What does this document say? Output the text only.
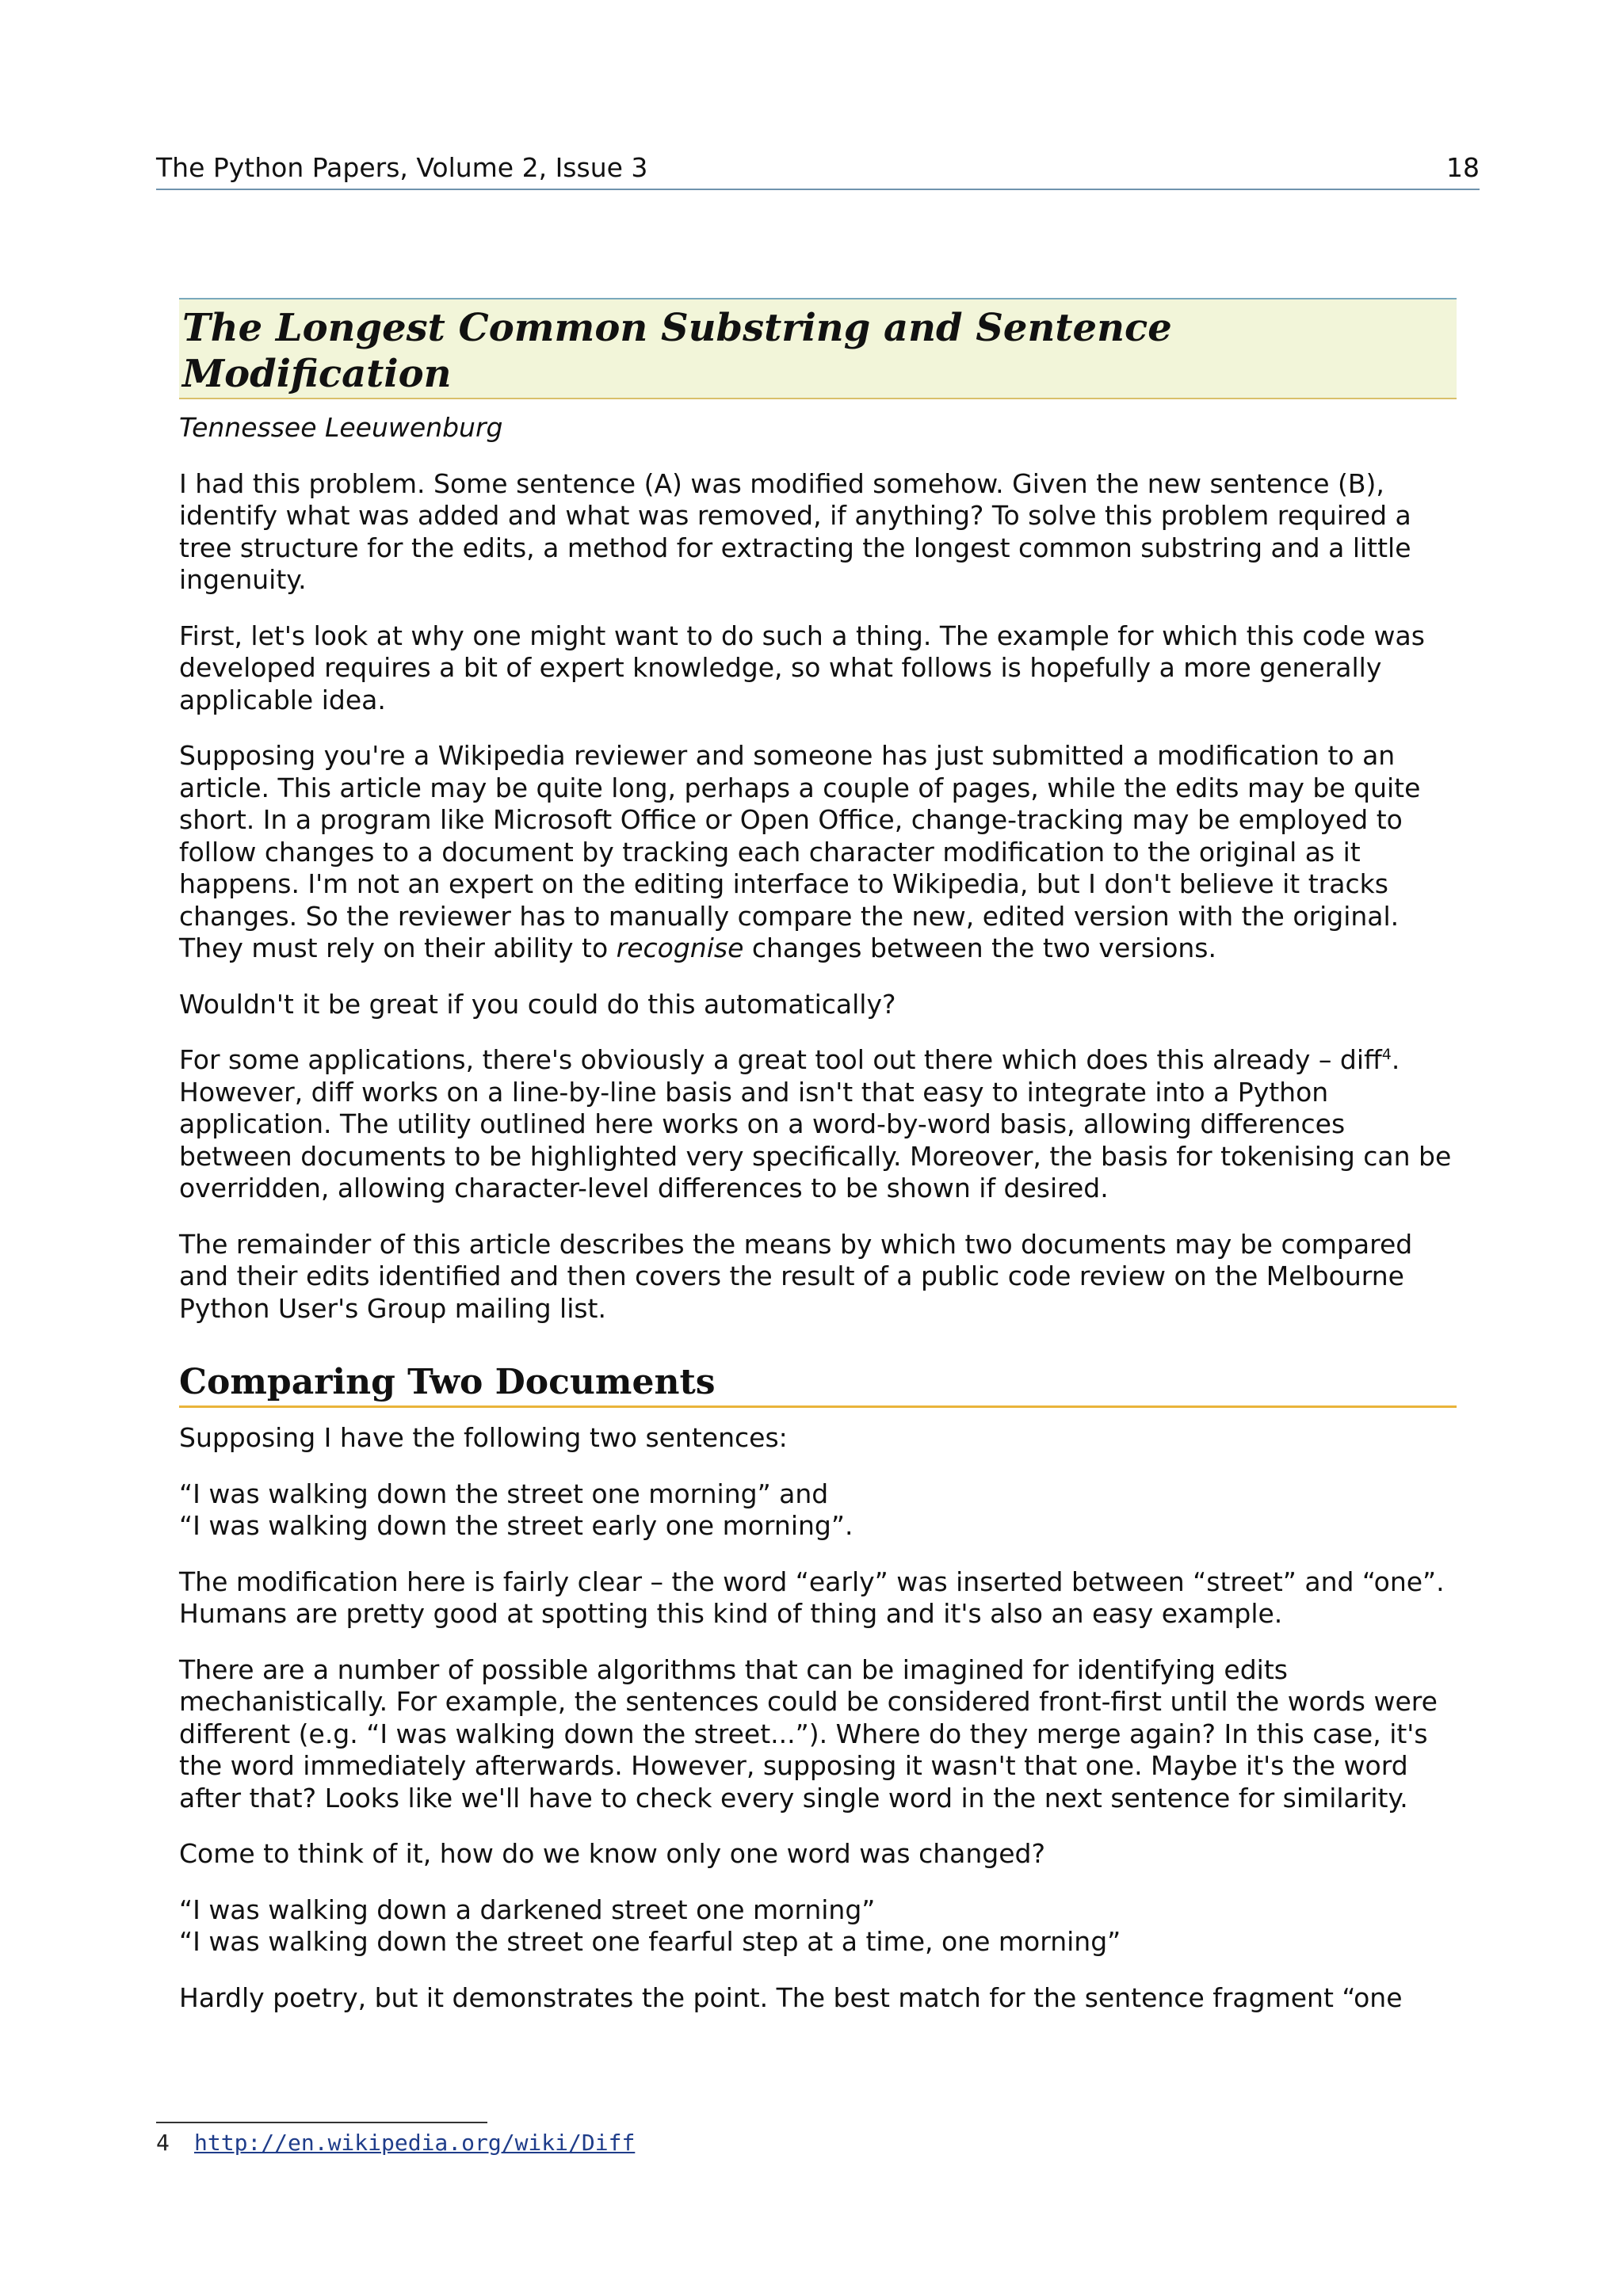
The Python Papers, Volume 2, Issue 3	18
The Longest Common Substring and Sentence
Modification

Tennessee Leeuwenburg

I had this problem. Some sentence (A) was modified somehow. Given the new sentence (B), identify what was added and what was removed, if anything? To solve this problem required a tree structure for the edits, a method for extracting the longest common substring and a little ingenuity.

First, let's look at why one might want to do such a thing. The example for which this code was developed requires a bit of expert knowledge, so what follows is hopefully a more generally applicable idea.

Supposing you're a Wikipedia reviewer and someone has just submitted a modification to an article. This article may be quite long, perhaps a couple of pages, while the edits may be quite short. In a program like Microsoft Office or Open Office, change-tracking may be employed to follow changes to a document by tracking each character modification to the original as it happens. I'm not an expert on the editing interface to Wikipedia, but I don't believe it tracks changes. So the reviewer has to manually compare the new, edited version with the original. They must rely on their ability to recognise changes between the two versions.

Wouldn't it be great if you could do this automatically?

For some applications, there's obviously a great tool out there which does this already – diff$^4$. However, diff works on a line-by-line basis and isn't that easy to integrate into a Python application. The utility outlined here works on a word-by-word basis, allowing differences between documents to be highlighted very specifically. Moreover, the basis for tokenising can be overridden, allowing character-level differences to be shown if desired.

The remainder of this article describes the means by which two documents may be compared and their edits identified and then covers the result of a public code review on the Melbourne Python User's Group mailing list.

Comparing Two Documents

Supposing I have the following two sentences:

“I was walking down the street one morning” and
“I was walking down the street early one morning”.

The modification here is fairly clear – the word “early” was inserted between “street” and “one”. Humans are pretty good at spotting this kind of thing and it's also an easy example.

There are a number of possible algorithms that can be imagined for identifying edits mechanistically. For example, the sentences could be considered front-first until the words were different (e.g. “I was walking down the street...”). Where do they merge again? In this case, it's the word immediately afterwards. However, supposing it wasn't that one. Maybe it's the word after that? Looks like we'll have to check every single word in the next sentence for similarity.

Come to think of it, how do we know only one word was changed?

“I was walking down a darkened street one morning”
“I was walking down the street one fearful step at a time, one morning”

Hardly poetry, but it demonstrates the point. The best match for the sentence fragment “one

4 http://en.wikipedia.org/wiki/Diff
